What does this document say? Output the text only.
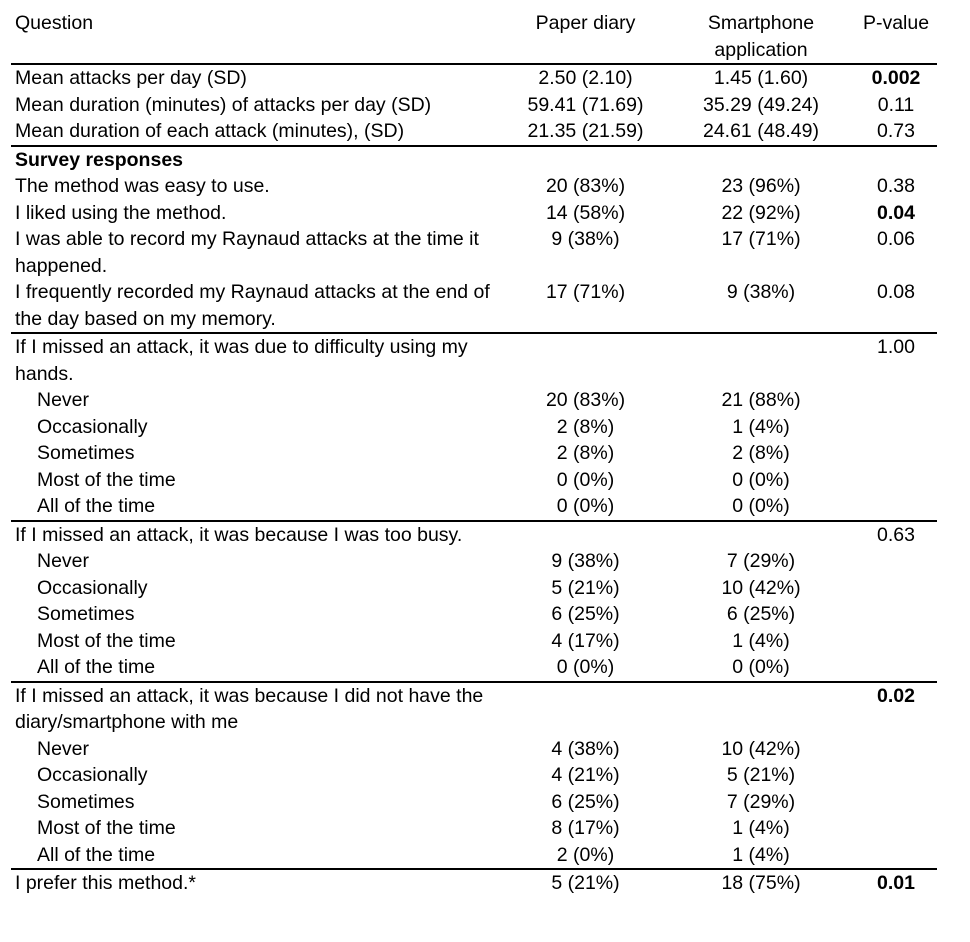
Question	Paper diary	Smartphone application	P-value
Mean attacks per day (SD)	2.50 (2.10)	1.45 (1.60)	0.002
Mean duration (minutes) of attacks per day (SD)	59.41 (71.69)	35.29 (49.24)	0.11
Mean duration of each attack (minutes), (SD)	21.35 (21.59)	24.61 (48.49)	0.73
Survey responses			
The method was easy to use.	20 (83%)	23 (96%)	0.38
I liked using the method.	14 (58%)	22 (92%)	0.04
I was able to record my Raynaud attacks at the time it happened.	9 (38%)	17 (71%)	0.06
I frequently recorded my Raynaud attacks at the end of the day based on my memory.	17 (71%)	9 (38%)	0.08
If I missed an attack, it was due to difficulty using my hands.			1.00
Never	20 (83%)	21 (88%)	
Occasionally	2 (8%)	1 (4%)	
Sometimes	2 (8%)	2 (8%)	
Most of the time	0 (0%)	0 (0%)	
All of the time	0 (0%)	0 (0%)	
If I missed an attack, it was because I was too busy.			0.63
Never	9 (38%)	7 (29%)	
Occasionally	5 (21%)	10 (42%)	
Sometimes	6 (25%)	6 (25%)	
Most of the time	4 (17%)	1 (4%)	
All of the time	0 (0%)	0 (0%)	
If I missed an attack, it was because I did not have the diary/smartphone with me			0.02
Never	4 (38%)	10 (42%)	
Occasionally	4 (21%)	5 (21%)	
Sometimes	6 (25%)	7 (29%)	
Most of the time	8 (17%)	1 (4%)	
All of the time	2 (0%)	1 (4%)	
I prefer this method.*	5 (21%)	18 (75%)	0.01
